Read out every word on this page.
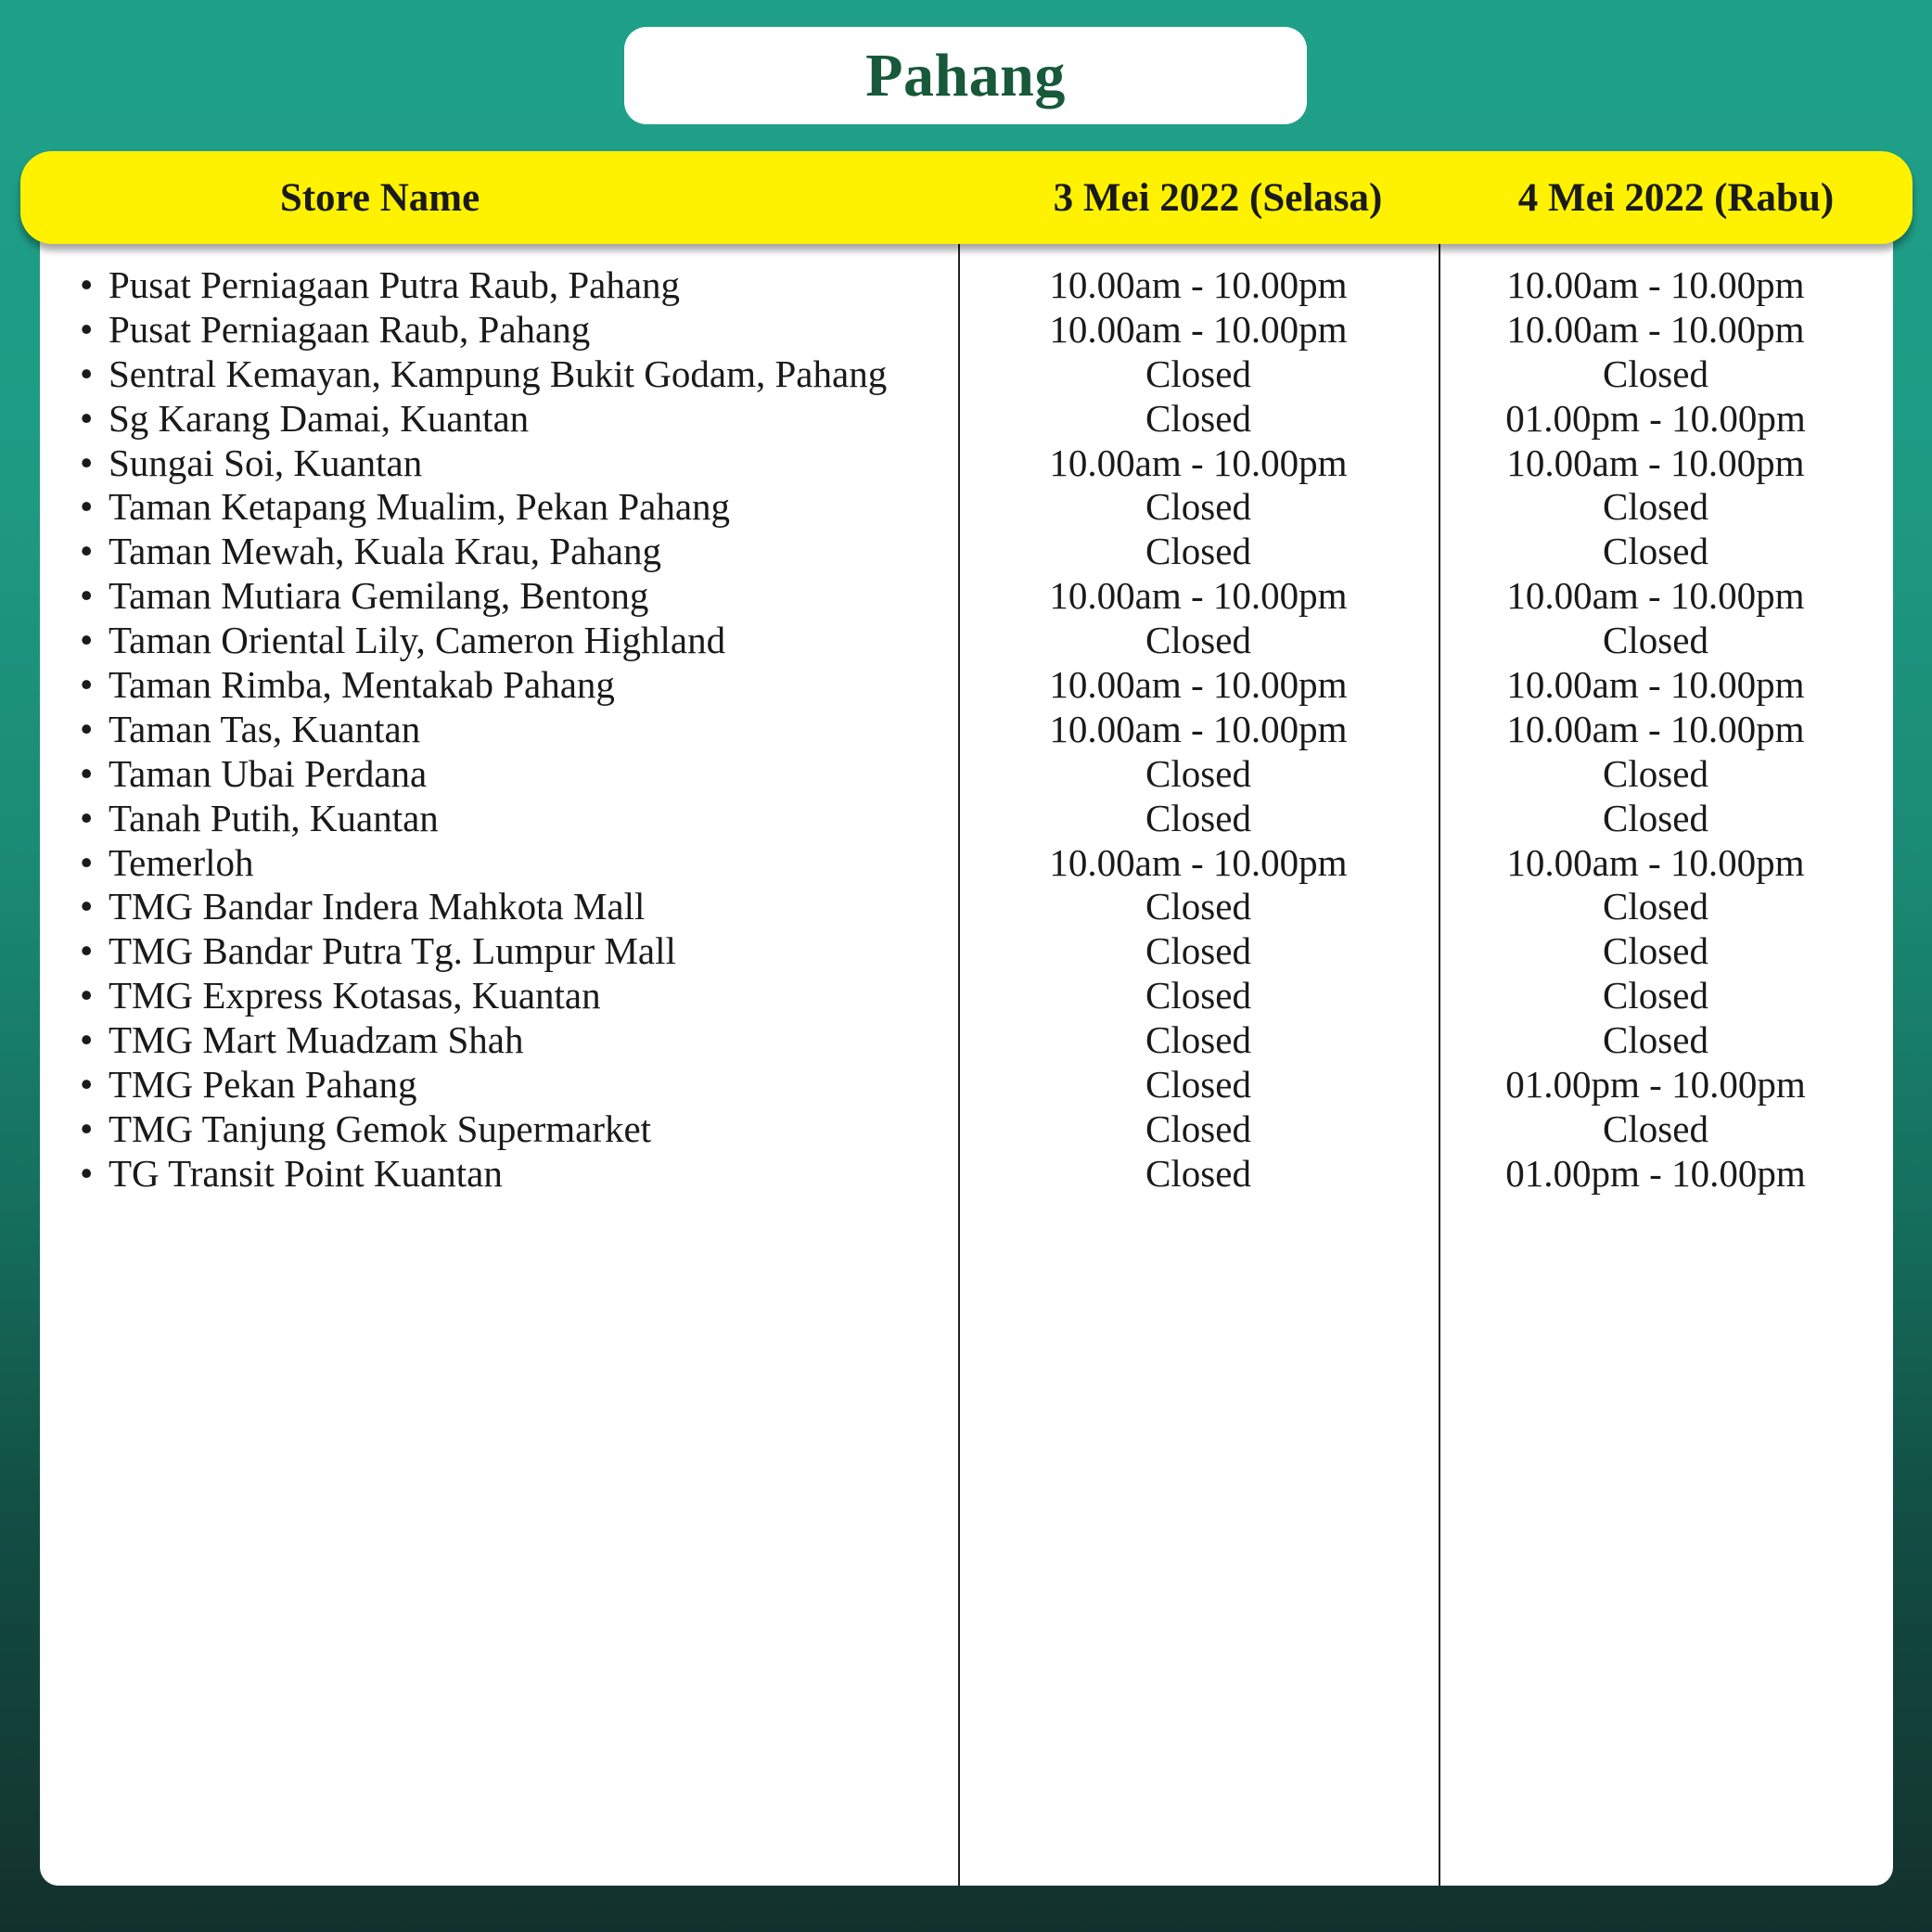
Pahang
Store Name	3 Mei 2022 (Selasa)	4 Mei 2022 (Rabu)
• Pusat Perniagaan Putra Raub, Pahang	10.00am - 10.00pm	10.00am - 10.00pm
• Pusat Perniagaan Raub, Pahang	10.00am - 10.00pm	10.00am - 10.00pm
• Sentral Kemayan, Kampung Bukit Godam, Pahang	Closed	Closed
• Sg Karang Damai, Kuantan	Closed	01.00pm - 10.00pm
• Sungai Soi, Kuantan	10.00am - 10.00pm	10.00am - 10.00pm
• Taman Ketapang Mualim, Pekan Pahang	Closed	Closed
• Taman Mewah, Kuala Krau, Pahang	Closed	Closed
• Taman Mutiara Gemilang, Bentong	10.00am - 10.00pm	10.00am - 10.00pm
• Taman Oriental Lily, Cameron Highland	Closed	Closed
• Taman Rimba, Mentakab Pahang	10.00am - 10.00pm	10.00am - 10.00pm
• Taman Tas, Kuantan	10.00am - 10.00pm	10.00am - 10.00pm
• Taman Ubai Perdana	Closed	Closed
• Tanah Putih, Kuantan	Closed	Closed
• Temerloh	10.00am - 10.00pm	10.00am - 10.00pm
• TMG Bandar Indera Mahkota Mall	Closed	Closed
• TMG Bandar Putra Tg. Lumpur Mall	Closed	Closed
• TMG Express Kotasas, Kuantan	Closed	Closed
• TMG Mart Muadzam Shah	Closed	Closed
• TMG Pekan Pahang	Closed	01.00pm - 10.00pm
• TMG Tanjung Gemok Supermarket	Closed	Closed
• TG Transit Point Kuantan	Closed	01.00pm - 10.00pm
